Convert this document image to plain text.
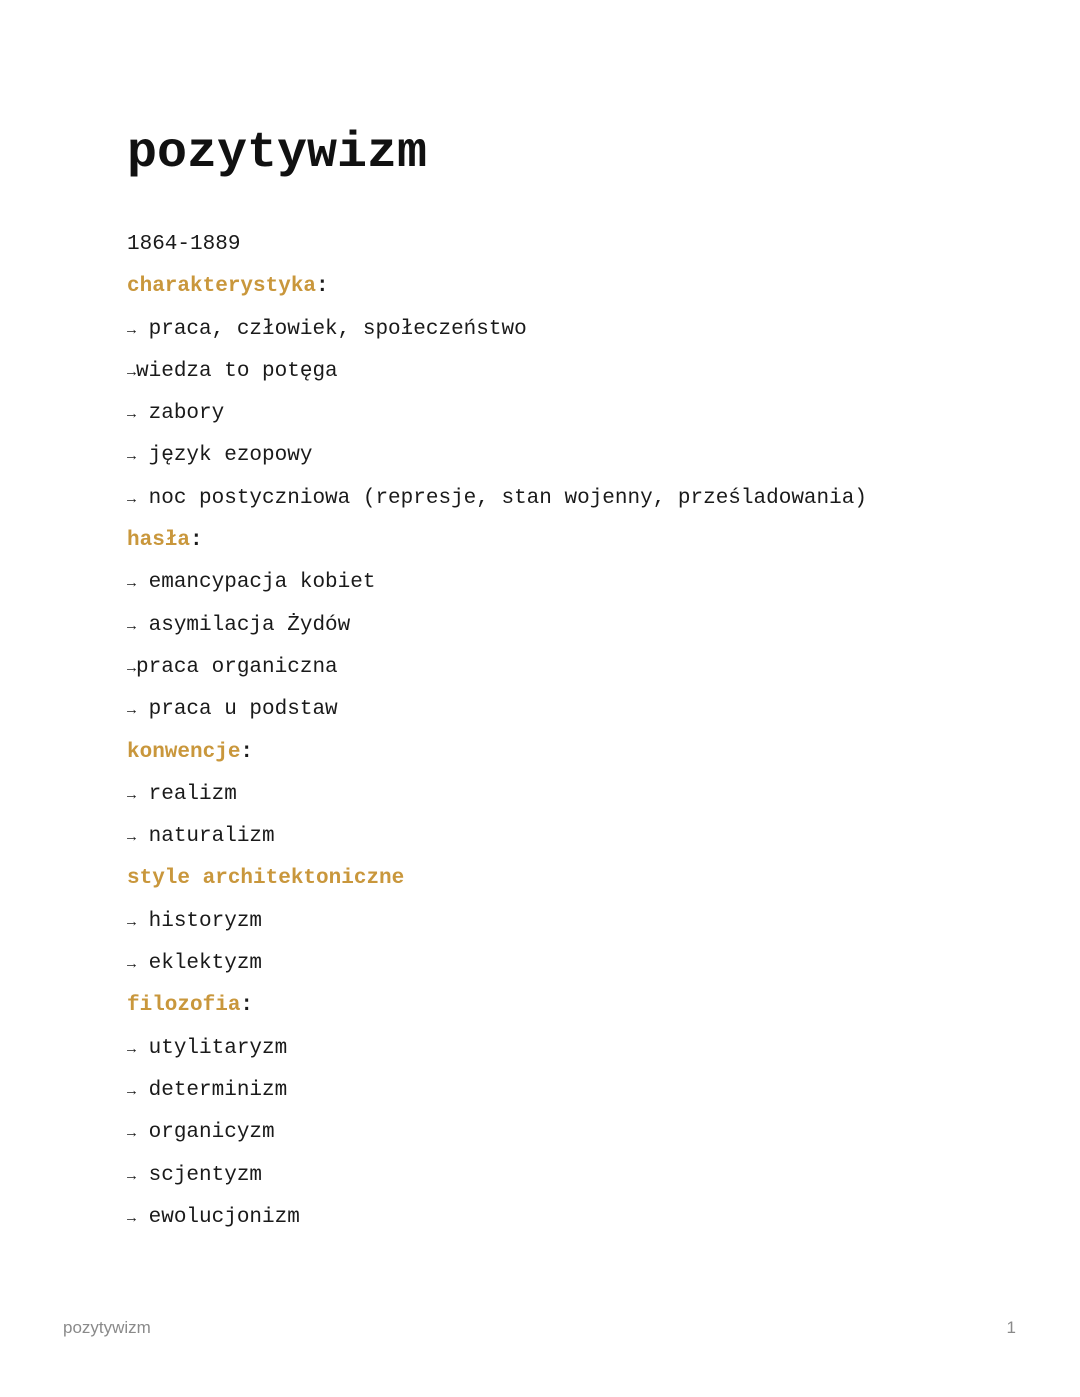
pozytywizm
1864-1889
charakterystyka:
→ praca, człowiek, społeczeństwo
→wiedza to potęga
→ zabory
→ język ezopowy
→ noc postyczniowa (represje, stan wojenny, prześladowania)
hasła:
→ emancypacja kobiet
→ asymilacja Żydów
→praca organiczna
→ praca u podstaw
konwencje:
→ realizm
→ naturalizm
style architektoniczne
→ historyzm
→ eklektyzm
filozofia:
→ utylitaryzm
→ determinizm
→ organicyzm
→ scjentyzm
→ ewolucjonizm
pozytywizm	1
